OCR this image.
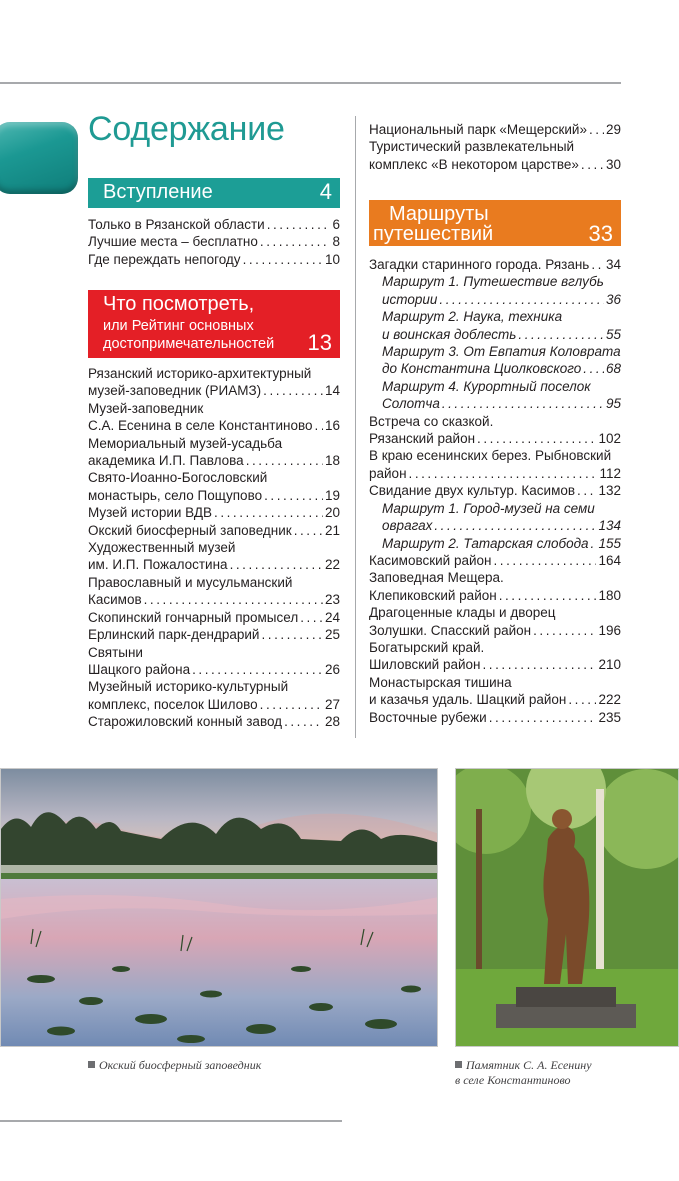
Содержание
Вступление	4
Только в Рязанской области . . .	6
Лучшие места – бесплатно . . .	8
Где переждать непогоду . . .	10
Что посмотреть,
или Рейтинг основных
достопримечательностей 13
Рязанский историко-архитектурный
музей-заповедник (РИАМЗ) . . .	14
Музей-заповедник
С.А. Есенина в селе Константиново . . . 16
Мемориальный музей-усадьба
академика И.П. Павлова . . .	18
Свято-Иоанно-Богословский
монастырь, село Пощупово . . .	19
Музей истории ВДВ . . .	20
Окский биосферный заповедник . . . 21
Художественный музей
им. И.П. Пожалостина . . .	22
Православный и мусульманский
Касимов . . .	23
Скопинский гончарный промысел . . . 24
Ерлинский парк-дендрарий . . .	25
Святыни
Шацкого района . . .	26
Музейный историко-культурный
комплекс, поселок Шилово . . .	27
Старожиловский конный завод . . .	28
Национальный парк «Мещерский» . . . 29
Туристический развлекательный
комплекс «В некотором царстве» . . . 30
Маршруты
путешествий	33
Загадки старинного города. Рязань . . . 34
Маршрут 1. Путешествие вглубь
истории . . .	36
Маршрут 2. Наука, техника
и воинская доблесть . . .	55
Маршрут 3. От Евпатия Коловрата
до Константина Циолковского . . . 68
Маршрут 4. Курортный поселок
Солотча . . .	95
Встреча со сказкой.
Рязанский район . . .	102
В краю есенинских берез. Рыбновский
район . . .	112
Свидание двух культур. Касимов . . . 132
Маршрут 1. Город-музей на семи
оврагах . . .	134
Маршрут 2. Татарская слобода . . . 155
Касимовский район . . .	164
Заповедная Мещера.
Клепиковский район . . .	180
Драгоценные клады и дворец
Золушки. Спасский район . . .	196
Богатырский край.
Шиловский район . . .	210
Монастырская тишина
и казачья удаль. Шацкий район . . . 222
Восточные рубежи . . .	235
Окский биосферный заповедник	Памятник С. А. Есенину
в селе Константиново
